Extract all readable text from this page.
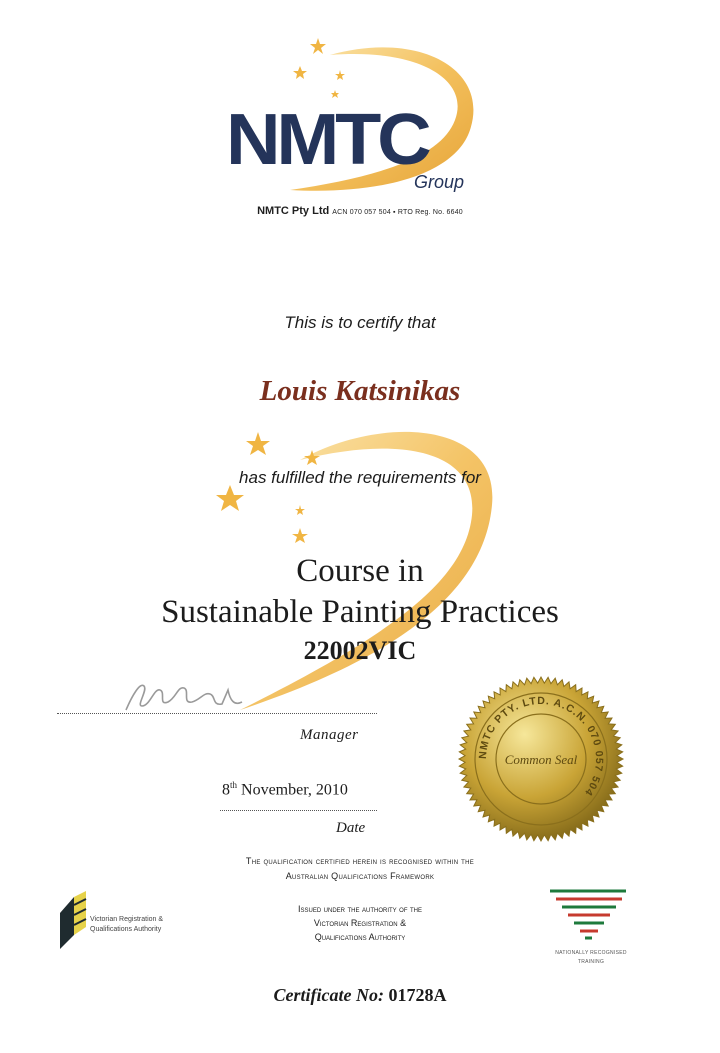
NMTC
Group
NMTC Pty Ltd ACN 070 057 504 ▪ RTO Reg. No. 6640
This is to certify that
Louis Katsinikas
has fulfilled the requirements for
Course in
Sustainable Painting Practices
22002VIC
Manager
8th November, 2010
Date
NMTC PTY. LTD. A.C.N. 070 057 504
Common Seal
The qualification certified herein is recognised within the
Australian Qualifications Framework
Victorian Registration &
Qualifications Authority
Issued under the authority of the
Victorian Registration &
Qualifications Authority
NATIONALLY RECOGNISED
TRAINING
Certificate No: 01728A
